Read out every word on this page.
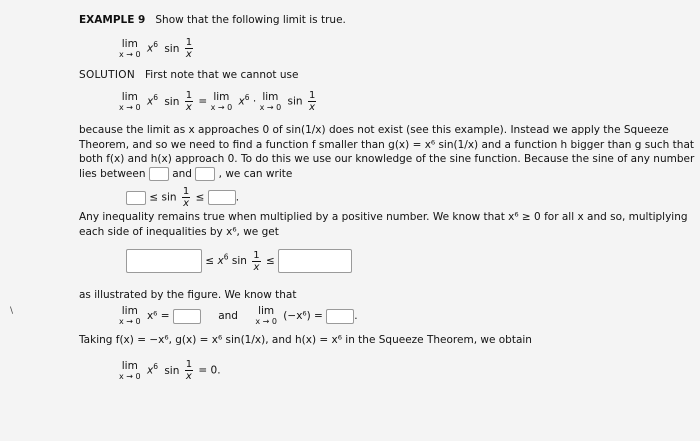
EXAMPLE 9 Show that the following limit is true.
lim
x → 0 $x^6$ $\sin \frac{1}{x}$
SOLUTION First note that we cannot use
lim
x → 0 $x^6$ $\sin \frac{1}{x} = \lim$
x → 0 $x^6 \cdot \lim$
x → 0 $\sin \frac{1}{x}$
because the limit as x approaches 0 of sin(1/x) does not exist (see this example). Instead we apply the Squeeze
Theorem, and so we need to find a function f smaller than g(x) = x⁶ sin(1/x) and a function h bigger than g such that
both f(x) and h(x) approach 0. To do this we use our knowledge of the sine function. Because the sine of any number
lies between	and	, we can write
≤ $\sin \frac{1}{x}$ ≤	.
Any inequality remains true when multiplied by a positive number. We know that x⁶ ≥ 0 for all x and so, multiplying
each side of inequalities by x⁶, we get
≤ $x^6$ $\sin \frac{1}{x}$ ≤
as illustrated by the figure. We know that
lim
x → 0 x⁶ =	and lim
x → 0 (−x⁶) =	.
Taking f(x) = −x⁶, g(x) = x⁶ sin(1/x), and h(x) = x⁶ in the Squeeze Theorem, we obtain
lim
x → 0 $x^6$ $\sin \frac{1}{x} = 0$.
\
